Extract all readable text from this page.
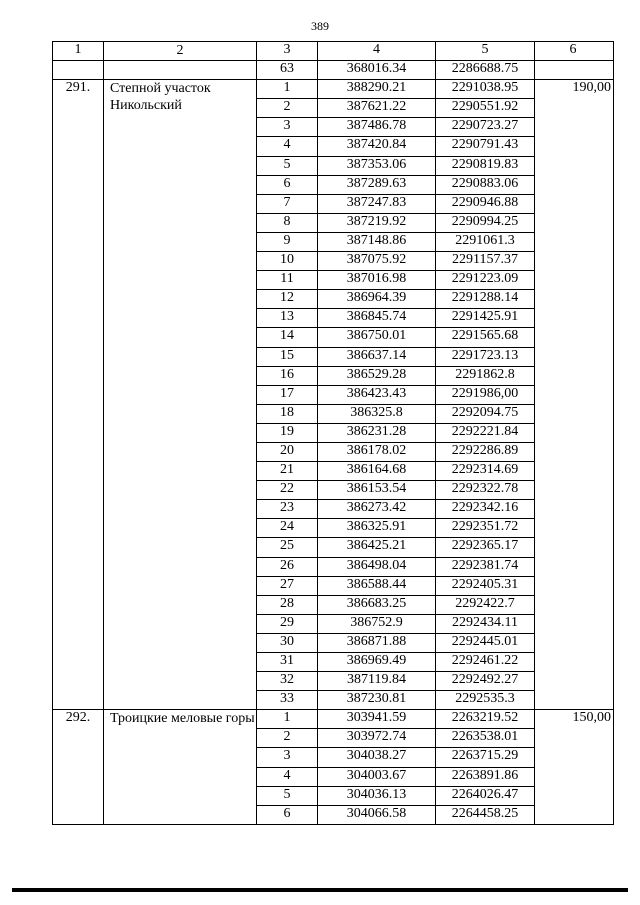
389
1	2	3	4	5	6
		63	368016.34	2286688.75	
291.	Степной участок Никольский	1	388290.21	2291038.95	190,00
		2	387621.22	2290551.92	
		3	387486.78	2290723.27	
		4	387420.84	2290791.43	
		5	387353.06	2290819.83	
		6	387289.63	2290883.06	
		7	387247.83	2290946.88	
		8	387219.92	2290994.25	
		9	387148.86	2291061.3	
		10	387075.92	2291157.37	
		11	387016.98	2291223.09	
		12	386964.39	2291288.14	
		13	386845.74	2291425.91	
		14	386750.01	2291565.68	
		15	386637.14	2291723.13	
		16	386529.28	2291862.8	
		17	386423.43	2291986,00	
		18	386325.8	2292094.75	
		19	386231.28	2292221.84	
		20	386178.02	2292286.89	
		21	386164.68	2292314.69	
		22	386153.54	2292322.78	
		23	386273.42	2292342.16	
		24	386325.91	2292351.72	
		25	386425.21	2292365.17	
		26	386498.04	2292381.74	
		27	386588.44	2292405.31	
		28	386683.25	2292422.7	
		29	386752.9	2292434.11	
		30	386871.88	2292445.01	
		31	386969.49	2292461.22	
		32	387119.84	2292492.27	
		33	387230.81	2292535.3	
292.	Троицкие меловые горы	1	303941.59	2263219.52	150,00
		2	303972.74	2263538.01	
		3	304038.27	2263715.29	
		4	304003.67	2263891.86	
		5	304036.13	2264026.47	
		6	304066.58	2264458.25	
